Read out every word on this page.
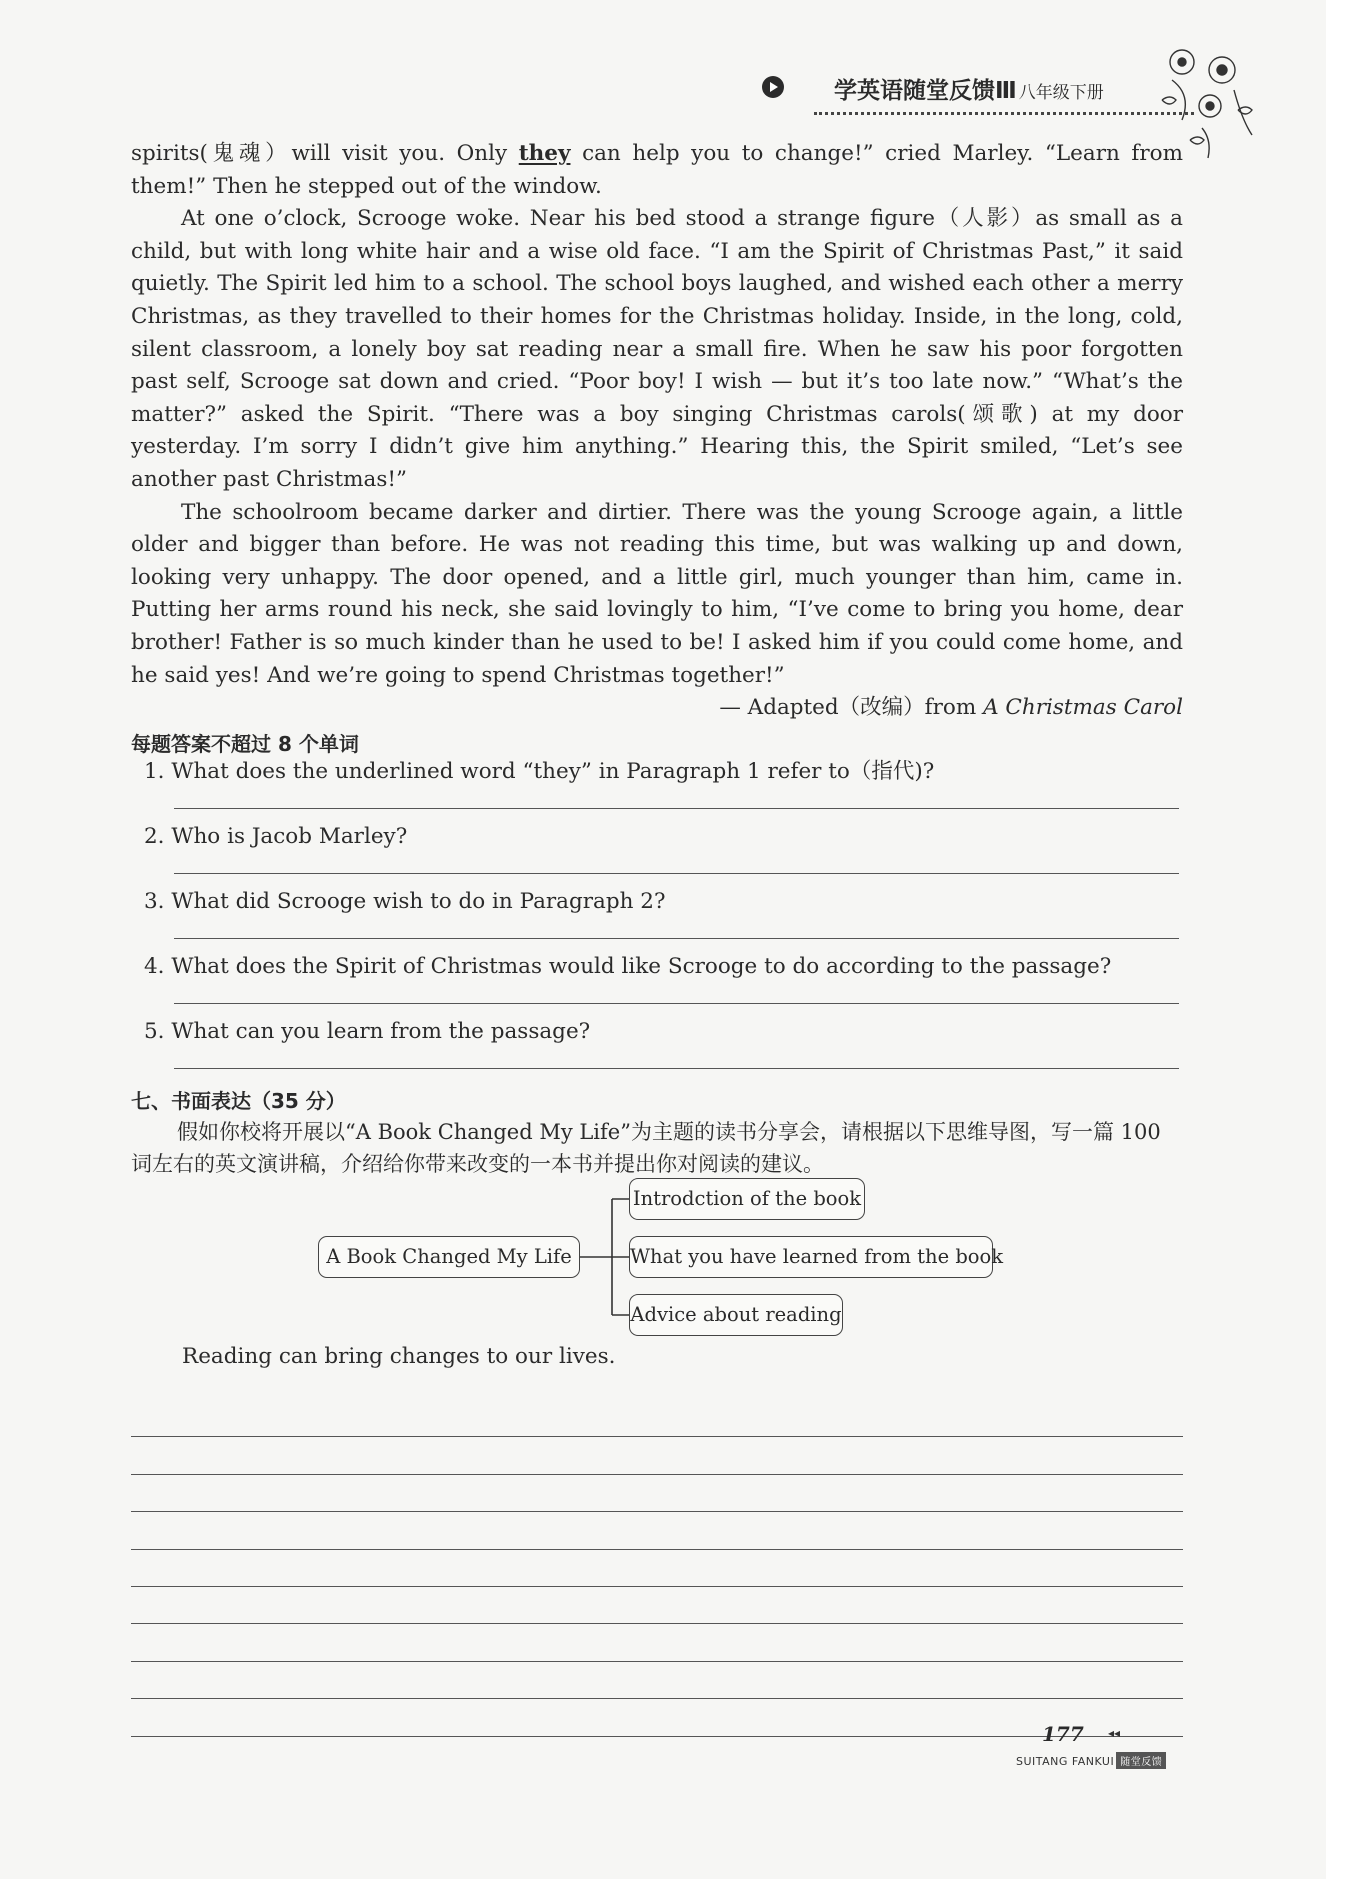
学英语随堂反馈Ⅲ 八年级下册

spirits(鬼魂）will visit you. Only they can help you to change!” cried Marley. “Learn from them!” Then he stepped out of the window.

At one o’clock, Scrooge woke. Near his bed stood a strange figure（人影）as small as a child, but with long white hair and a wise old face. “I am the Spirit of Christmas Past,” it said quietly. The Spirit led him to a school. The school boys laughed, and wished each other a merry Christmas, as they travelled to their homes for the Christmas holiday. Inside, in the long, cold, silent classroom, a lonely boy sat reading near a small fire. When he saw his poor forgotten past self, Scrooge sat down and cried. “Poor boy! I wish — but it’s too late now.” “What’s the matter?” asked the Spirit. “There was a boy singing Christmas carols(颂歌) at my door yesterday. I’m sorry I didn’t give him anything.” Hearing this, the Spirit smiled, “Let’s see another past Christmas!”

The schoolroom became darker and dirtier. There was the young Scrooge again, a little older and bigger than before. He was not reading this time, but was walking up and down, looking very unhappy. The door opened, and a little girl, much younger than him, came in. Putting her arms round his neck, she said lovingly to him, “I’ve come to bring you home, dear brother! Father is so much kinder than he used to be! I asked him if you could come home, and he said yes! And we’re going to spend Christmas together!”

— Adapted（改编）from A Christmas Carol

每题答案不超过 8 个单词
1. What does the underlined word “they” in Paragraph 1 refer to（指代)?
2. Who is Jacob Marley?
3. What did Scrooge wish to do in Paragraph 2?
4. What does the Spirit of Christmas would like Scrooge to do according to the passage?
5. What can you learn from the passage?
七、书面表达（35 分）

假如你校将开展以“A Book Changed My Life”为主题的读书分享会，请根据以下思维导图，写一篇 100 词左右的英文演讲稿，介绍给你带来改变的一本书并提出你对阅读的建议。

A Book Changed My Life
Introdction of the book
What you have learned from the book
Advice about reading
Reading can bring changes to our lives.
177 ◂◂
SUITANG FANKUI 随堂反馈
